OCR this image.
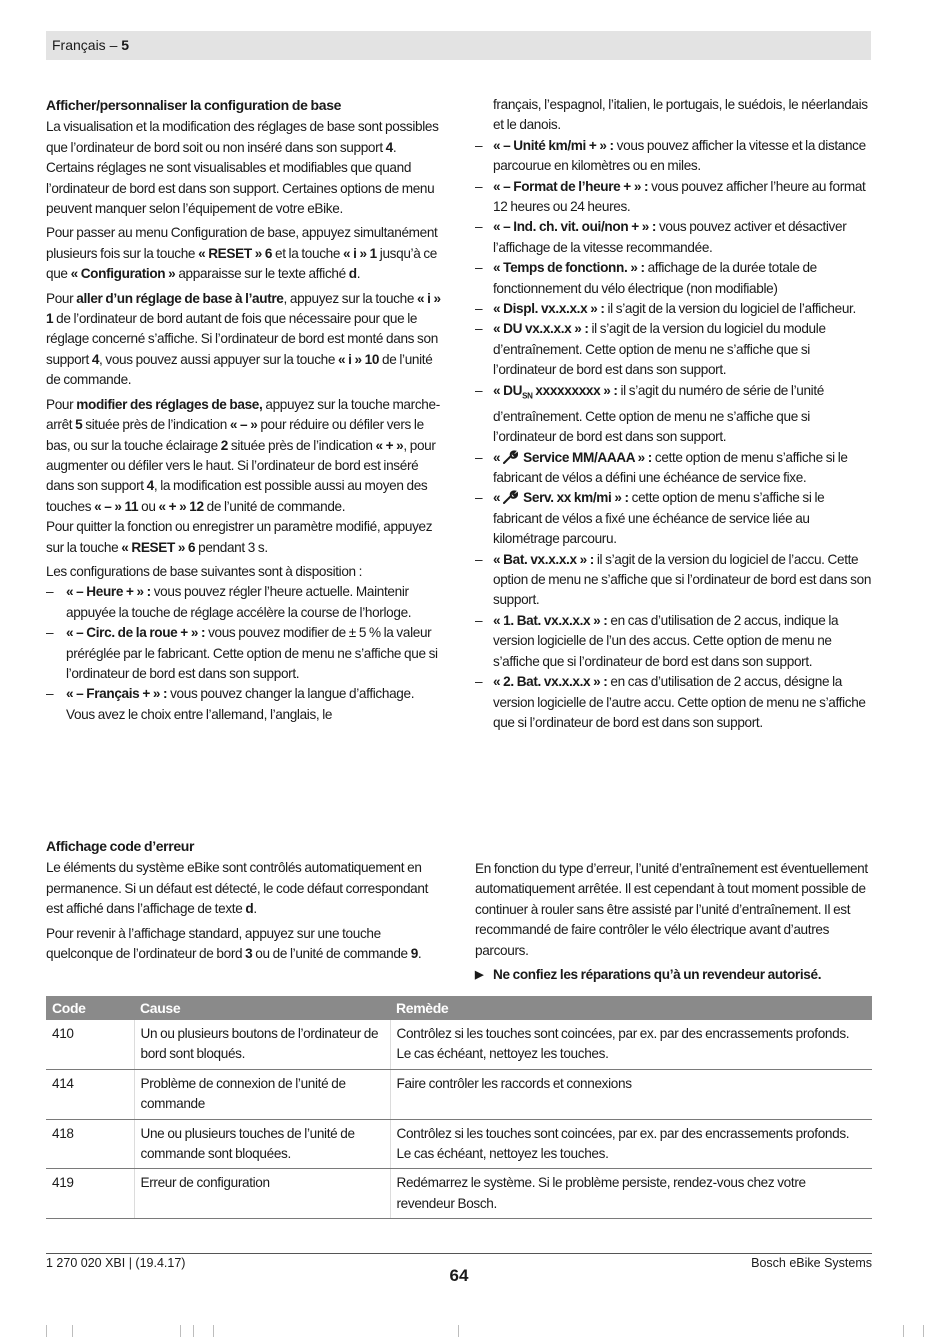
Français – 5
Afficher/personnaliser la configuration de base

La visualisation et la modification des réglages de base sont possibles que l’ordinateur de bord soit ou non inséré dans son support 4. Certains réglages ne sont visualisables et modifiables que quand l’ordinateur de bord est dans son support. Certaines options de menu peuvent manquer selon l’équipement de votre eBike.

Pour passer au menu Configuration de base, appuyez simultanément plusieurs fois sur la touche « RESET » 6 et la touche « i » 1 jusqu’à ce que « Configuration » apparaisse sur le texte affiché d.

Pour aller d’un réglage de base à l’autre, appuyez sur la touche « i » 1 de l’ordinateur de bord autant de fois que nécessaire pour que le réglage concerné s’affiche. Si l’ordinateur de bord est monté dans son support 4, vous pouvez aussi appuyer sur la touche « i » 10 de l’unité de commande.

Pour modifier des réglages de base, appuyez sur la touche marche-arrêt 5 située près de l’indication « – » pour réduire ou défiler vers le bas, ou sur la touche éclairage 2 située près de l’indication « + », pour augmenter ou défiler vers le haut. Si l’ordinateur de bord est inséré dans son support 4, la modification est possible aussi au moyen des touches « – » 11 ou « + » 12 de l’unité de commande.

Pour quitter la fonction ou enregistrer un paramètre modifié, appuyez sur la touche « RESET » 6 pendant 3 s.

Les configurations de base suivantes sont à disposition :

– « – Heure + » : vous pouvez régler l’heure actuelle. Maintenir appuyée la touche de réglage accélère la course de l’horloge.
– « – Circ. de la roue + » : vous pouvez modifier de ± 5 % la valeur préréglée par le fabricant. Cette option de menu ne s’affiche que si l’ordinateur de bord est dans son support.
– « – Français + » : vous pouvez changer la langue d’affichage. Vous avez le choix entre l’allemand, l’anglais, le
français, l’espagnol, l’italien, le portugais, le suédois, le néerlandais et le danois.
– « – Unité km/mi + » : vous pouvez afficher la vitesse et la distance parcourue en kilomètres ou en miles.
– « – Format de l’heure + » : vous pouvez afficher l’heure au format 12 heures ou 24 heures.
– « – Ind. ch. vit. oui/non + » : vous pouvez activer et désactiver l’affichage de la vitesse recommandée.
– « Temps de fonctionn. » : affichage de la durée totale de fonctionnement du vélo électrique (non modifiable)
– « Displ. vx.x.x.x » : il s’agit de la version du logiciel de l’afficheur.
– « DU vx.x.x.x » : il s’agit de la version du logiciel du module d’entraînement. Cette option de menu ne s’affiche que si l’ordinateur de bord est dans son support.
– « $DU_{SN}$ xxxxxxxxx » : il s’agit du numéro de série de l’unité d’entraînement. Cette option de menu ne s’affiche que si l’ordinateur de bord est dans son support.
– « Service MM/AAAA » : cette option de menu s’affiche si le fabricant de vélos a défini une échéance de service fixe.
– « Serv. xx km/mi » : cette option de menu s’affiche si le fabricant de vélos a fixé une échéance de service liée au kilométrage parcouru.
– « Bat. vx.x.x.x » : il s’agit de la version du logiciel de l’accu. Cette option de menu ne s’affiche que si l’ordinateur de bord est dans son support.
– « 1. Bat. vx.x.x.x » : en cas d’utilisation de 2 accus, indique la version logicielle de l’un des accus. Cette option de menu ne s’affiche que si l’ordinateur de bord est dans son support.
– « 2. Bat. vx.x.x.x » : en cas d’utilisation de 2 accus, désigne la version logicielle de l’autre accu. Cette option de menu ne s’affiche que si l’ordinateur de bord est dans son support.
Affichage code d’erreur

Le éléments du système eBike sont contrôlés automatiquement en permanence. Si un défaut est détecté, le code défaut correspondant est affiché dans l’affichage de texte d.

Pour revenir à l’affichage standard, appuyez sur une touche quelconque de l’ordinateur de bord 3 ou de l’unité de commande 9.

En fonction du type d’erreur, l’unité d’entraînement est éventuellement automatiquement arrêtée. Il est cependant à tout moment possible de continuer à rouler sans être assisté par l’unité d’entraînement. Il est recommandé de faire contrôler le vélo électrique avant d’autres parcours.

▶ Ne confiez les réparations qu’à un revendeur autorisé.
Code	Cause	Remède
410	Un ou plusieurs boutons de l’ordinateur de bord sont bloqués.	Contrôlez si les touches sont coincées, par ex. par des encrassements profonds. Le cas échéant, nettoyez les touches.
414	Problème de connexion de l’unité de commande	Faire contrôler les raccords et connexions
418	Une ou plusieurs touches de l’unité de commande sont bloquées.	Contrôlez si les touches sont coincées, par ex. par des encrassements profonds. Le cas échéant, nettoyez les touches.
419	Erreur de configuration	Redémarrez le système. Si le problème persiste, rendez-vous chez votre revendeur Bosch.
1 270 020 XBI | (19.4.17)	Bosch eBike Systems
64
